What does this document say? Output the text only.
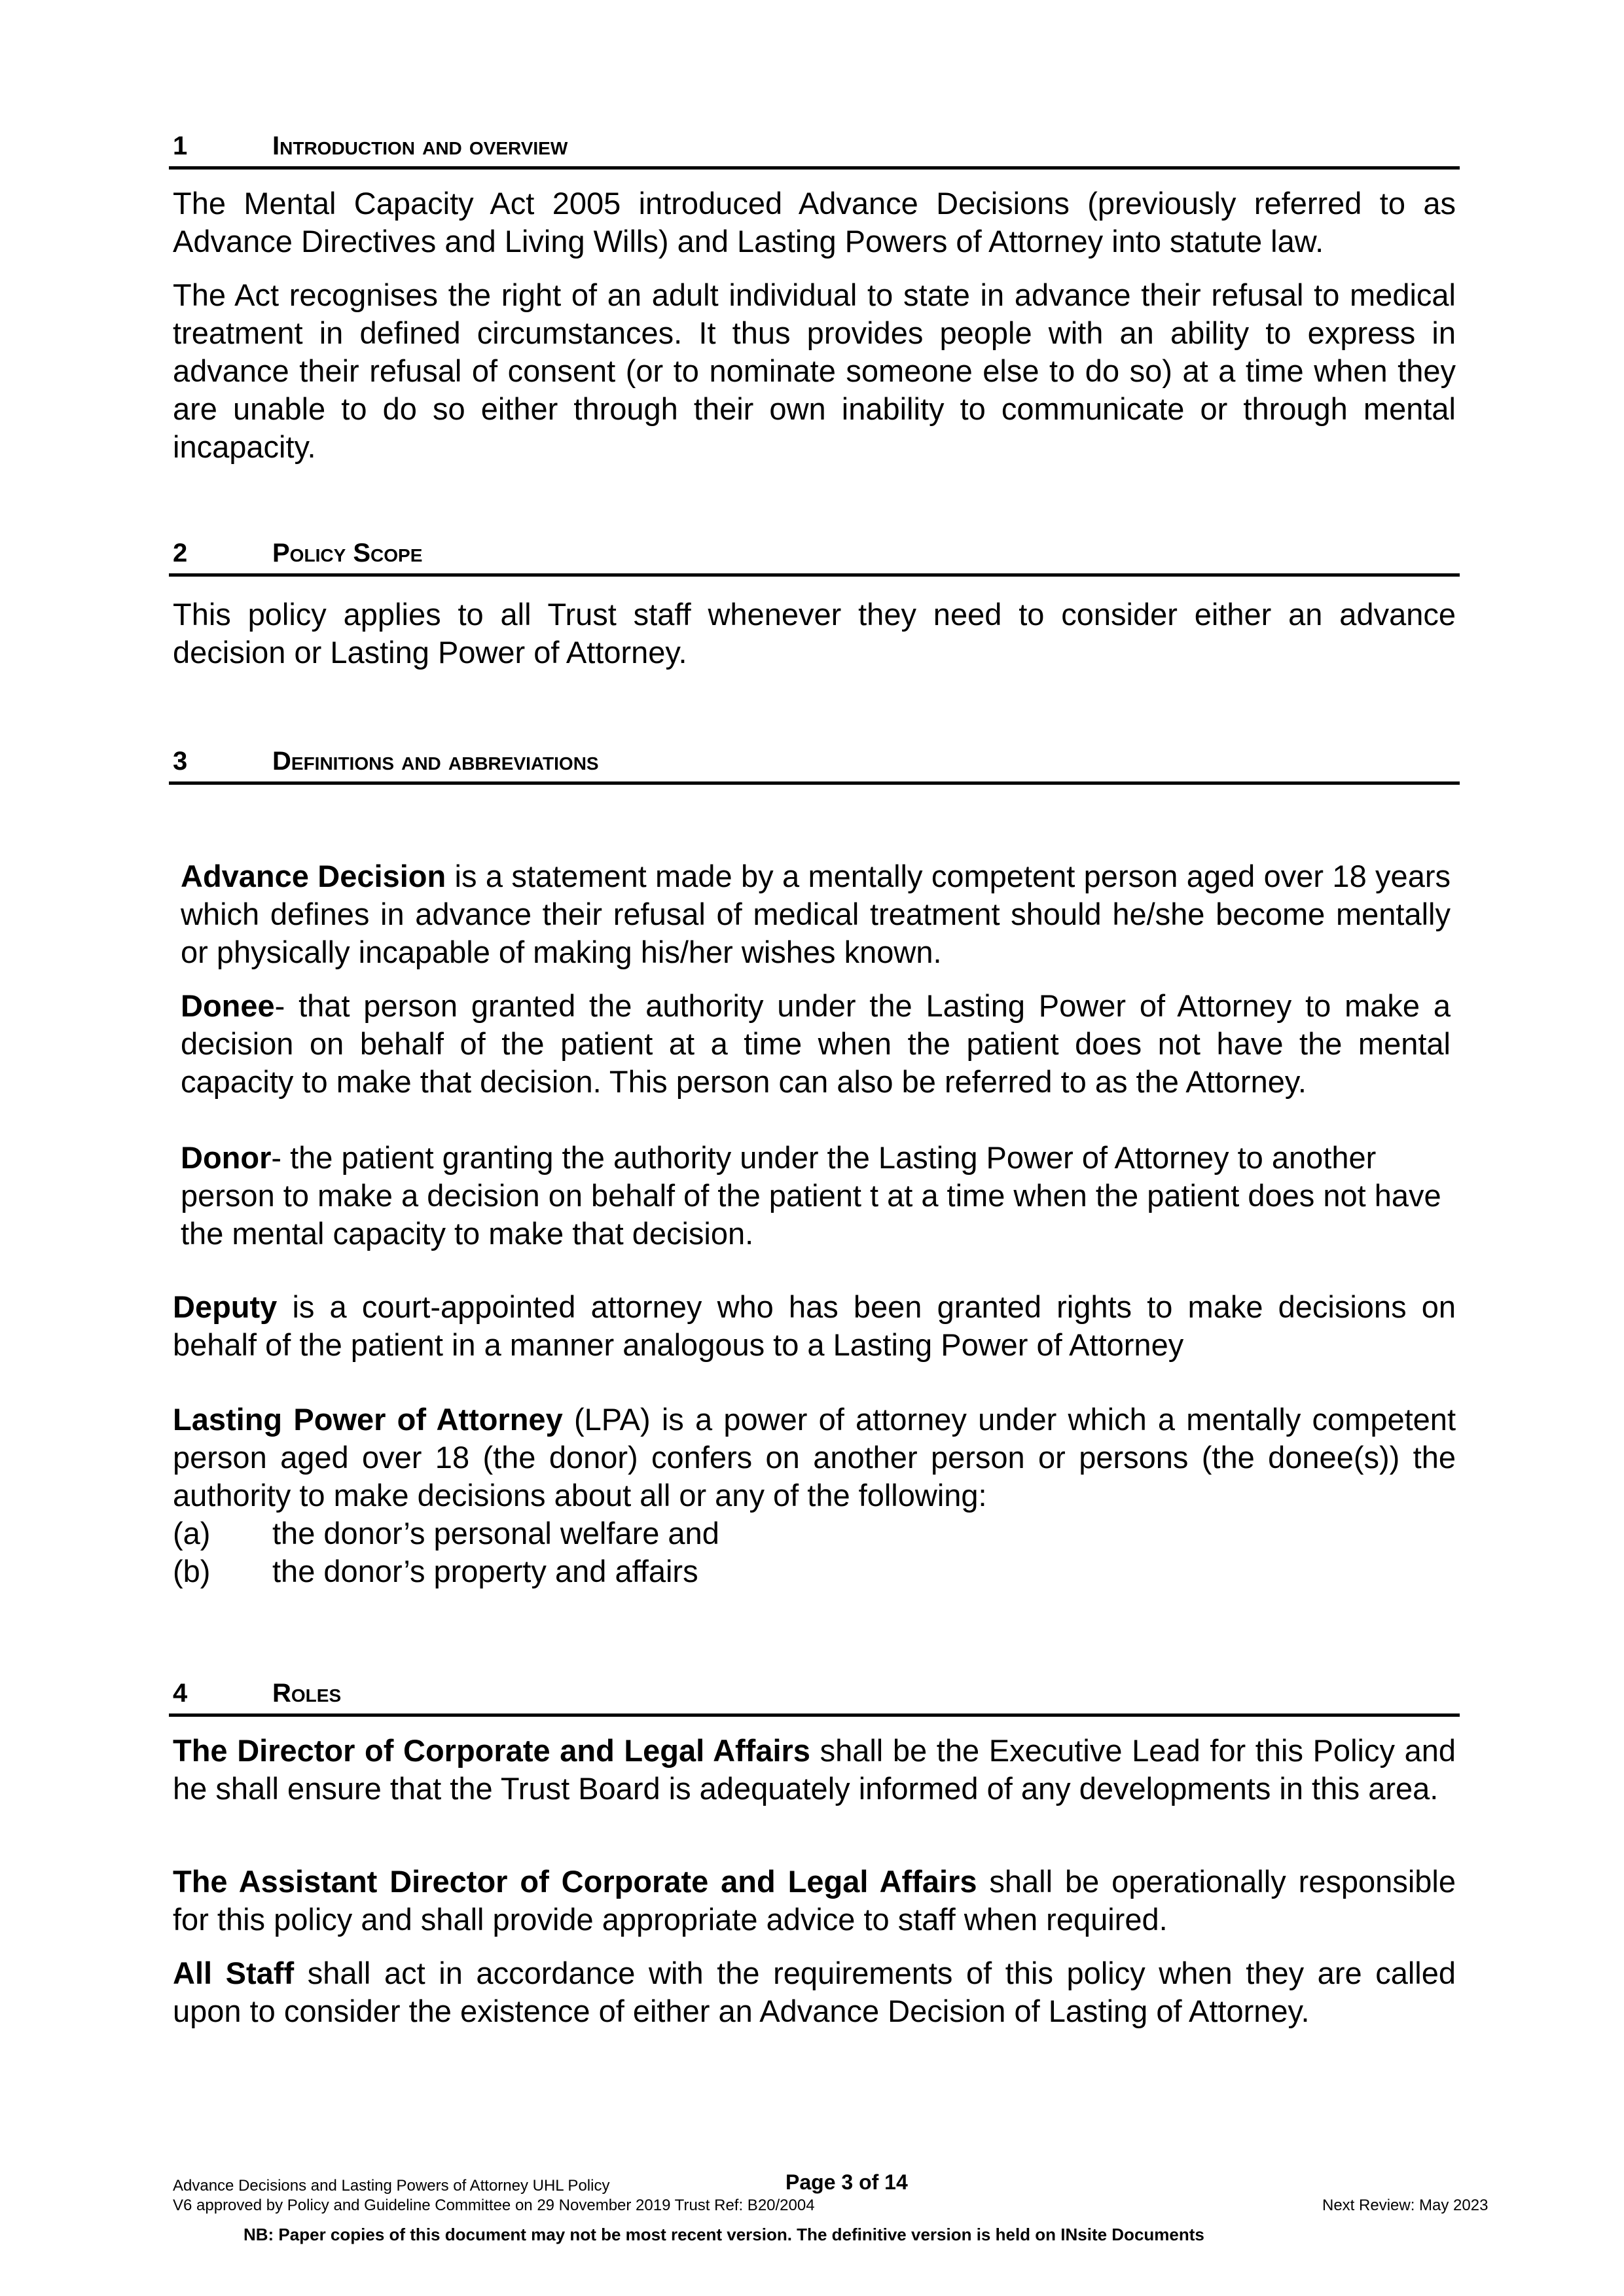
1	Introduction and overview

The Mental Capacity Act 2005 introduced Advance Decisions (previously referred to as Advance Directives and Living Wills) and Lasting Powers of Attorney into statute law.

The Act recognises the right of an adult individual to state in advance their refusal to medical treatment in defined circumstances. It thus provides people with an ability to express in advance their refusal of consent (or to nominate someone else to do so) at a time when they are unable to do so either through their own inability to communicate or through mental incapacity.

2	Policy Scope

This policy applies to all Trust staff whenever they need to consider either an advance decision or Lasting Power of Attorney.

3	Definitions and abbreviations

Advance Decision is a statement made by a mentally competent person aged over 18 years which defines in advance their refusal of medical treatment should he/she become mentally or physically incapable of making his/her wishes known.

Donee- that person granted the authority under the Lasting Power of Attorney to make a decision on behalf of the patient at a time when the patient does not have the mental capacity to make that decision. This person can also be referred to as the Attorney.

Donor- the patient granting the authority under the Lasting Power of Attorney to another person to make a decision on behalf of the patient t at a time when the patient does not have the mental capacity to make that decision.

Deputy is a court-appointed attorney who has been granted rights to make decisions on behalf of the patient in a manner analogous to a Lasting Power of Attorney

Lasting Power of Attorney (LPA) is a power of attorney under which a mentally competent person aged over 18 (the donor) confers on another person or persons (the donee(s)) the authority to make decisions about all or any of the following:

(a) the donor’s personal welfare and
(b) the donor’s property and affairs
4	Roles

The Director of Corporate and Legal Affairs shall be the Executive Lead for this Policy and he shall ensure that the Trust Board is adequately informed of any developments in this area.

The Assistant Director of Corporate and Legal Affairs shall be operationally responsible for this policy and shall provide appropriate advice to staff when required.

All Staff shall act in accordance with the requirements of this policy when they are called upon to consider the existence of either an Advance Decision of Lasting of Attorney.

Advance Decisions and Lasting Powers of Attorney UHL Policy	Page 3 of 14
V6 approved by Policy and Guideline Committee on 29 November 2019 Trust Ref: B20/2004	Next Review: May 2023
NB: Paper copies of this document may not be most recent version. The definitive version is held on INsite Documents
